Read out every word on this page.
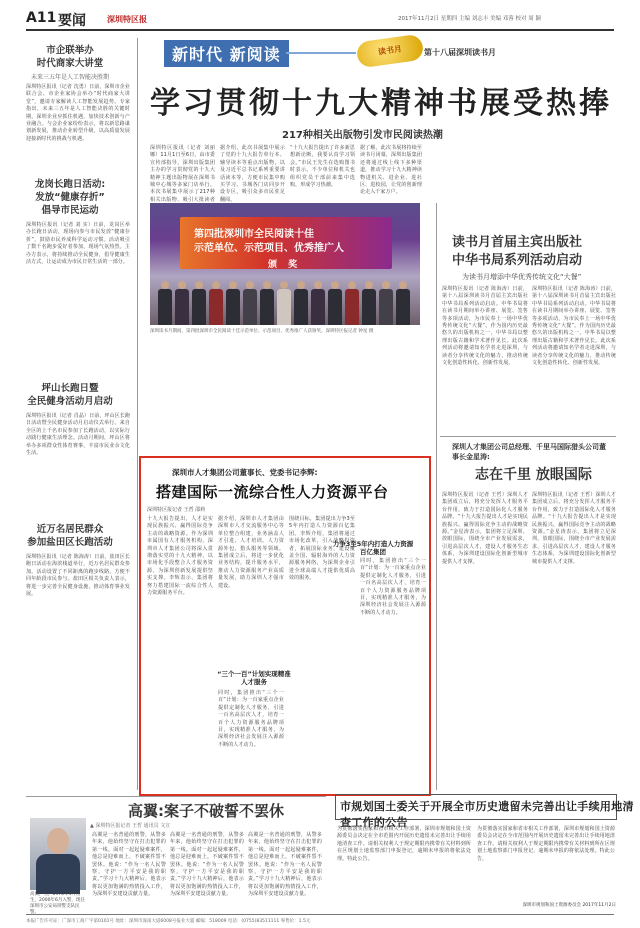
A11 要闻	深圳特区报	2017年11月2日 星期四 主编 刘志丰 美编 邓蓉 校对 周 颖
新时代 新阅读	读书月	第十八届深圳读书月
学习贯彻十九大精神书展受热捧
217种相关出版物引发市民阅读热潮
深圳特区报讯（记者 刘丽娜）11月1日至6日，由市委宣传部指导，深圳出版集团主办的学习贯彻党的十九大精神主题出版物展在深圳书城中心城等多家门店举行。本次书展集中展示了217种相关出版物，吸引大批读者
据介绍，此次书展集中展示了党的十九大报告单行本、辅导读本等重点出版物，以及习近平总书记系列重要讲话读本等，方便市民集中购买学习。书城各门店同步开设专区，吸引众多市民驻足翻阅。
“十九大报告提出了许多新思想新论断，我要认真学习领会。”市民王先生在选购图书时表示。不少单位和机关也组织党员干部前来集中选购，形成学习热潮。
据了解，此次书展将持续至读书月闭幕，深圳出版集团还将通过线上线下多种渠道，推动学习十九大精神读物进机关、进企业、进社区、进校园，让党的创新理论走入千家万户。
第四批深圳市全民阅读十佳
示范单位、示范项目、优秀推广人
颁 奖
深圳读书月期间，第四批深圳市全民阅读十佳示范单位、示范项目、优秀推广人获颁奖。深圳特区报记者 钟星 摄
市企联举办
时代商家大讲堂
未来三五年是人工智能决胜期
深圳特区报讯（记者 沈勇）日前，深圳市企业联合会、市企业家协会举办“时代商家大讲堂”，邀请专家解读人工智能发展趋势。专家指出，未来三五年是人工智能决胜的关键时期，深圳企业应抓住机遇，加快技术创新与产业融合。与会企业家纷纷表示，将以新思路谋划新发展，推动企业转型升级，以高质量发展迎接新时代的挑战与机遇。
龙岗长跑日活动:
发放“健康存折”
倡导市民运动
深圳特区报讯（记者 刘 实）日前，龙岗区举办长跑日活动，现场向参与市民发放“健康存折”，鼓励市民养成科学运动习惯。活动吸引了数千名跑步爱好者参加，现场气氛热烈。主办方表示，将持续推动全民健身，倡导健康生活方式，让运动成为市民日常生活的一部分。
坪山长跑日暨
全民健身活动月启动
深圳特区报讯（记者 肖晶）日前，坪山区长跑日活动暨全民健身活动月启动仪式举行。来自全区的上千名市民参加了长跑活动，以实际行动践行健康生活理念。活动月期间，坪山区将举办多项群众性体育赛事，丰富市民业余文化生活。
近万名居民群众
参加盐田区长跑活动
深圳特区报讯（记者 陈海涛）日前，盐田区长跑日活动在海滨栈道举行，近万名居民群众参加。活动设置了不同距离的跑步线路，方便不同年龄段市民参与。盐田区相关负责人表示，将进一步完善全民健身设施，推动体育事业发展。
读书月首届主宾出版社
中华书局系列活动启动
为读书月增添中华优秀传统文化“大餐”
深圳特区报讯（记者 陈海涛）日前，第十八届深圳读书月首届主宾出版社中华书局系列活动启动。中华书局将在读书月期间举办讲座、展览、签售等多项活动，为市民奉上一场中华优秀传统文化“大餐”。作为国内历史最悠久的出版机构之一，中华书局以整理出版古籍和学术著作见长。此次系列活动将邀请知名学者走进深圳，与读者分享传统文化的魅力，推动传统文化创造性转化、创新性发展。
深圳特区报讯（记者 陈海涛）日前，第十八届深圳读书月首届主宾出版社中华书局系列活动启动。中华书局将在读书月期间举办讲座、展览、签售等多项活动，为市民奉上一场中华优秀传统文化“大餐”。作为国内历史最悠久的出版机构之一，中华书局以整理出版古籍和学术著作见长。此次系列活动将邀请知名学者走进深圳，与读者分享传统文化的魅力，推动传统文化创造性转化、创新性发展。
深圳人才集团公司总经理、千里马国际猎头公司董事长金星涛:
志在千里 放眼国际
深圳特区报讯（记者 王哲）深圳人才集团成立后，将充分发挥人才服务平台作用，致力于打造国际化人才服务品牌。“十九大报告提出人才是实现民族振兴、赢得国际竞争主动的战略资源。”金星涛表示，集团将立足深圳、放眼国际，围绕全市产业发展需求，引进高层次人才，建设人才服务生态体系，为深圳建设国际化创新型城市提供人才支撑。
深圳特区报讯（记者 王哲）深圳人才集团成立后，将充分发挥人才服务平台作用，致力于打造国际化人才服务品牌。“十九大报告提出人才是实现民族振兴、赢得国际竞争主动的战略资源。”金星涛表示，集团将立足深圳、放眼国际，围绕全市产业发展需求，引进高层次人才，建设人才服务生态体系，为深圳建设国际化创新型城市提供人才支撑。
深圳市人才集团公司董事长、党委书记李辉:
搭建国际一流综合性人力资源平台
深圳特区报记者 王哲 邵莉
十九大报告提出，人才是实现民族振兴、赢得国际竞争主动的战略资源。作为深圳市属国有人才服务机构，深圳市人才集团公司将深入贯彻落实党的十九大精神，以市场化手段整合人才服务资源，为深圳创新发展提供坚实支撑。李辉表示，集团将努力搭建国际一流综合性人力资源服务平台。
据介绍，深圳市人才集团由深圳市人才交流服务中心等单位整合组建，业务涵盖人才引进、人才培训、人力资源外包、猎头服务等领域。集团成立后，将进一步优化业务结构，提升服务水平，推动人力资源服务产业高质量发展，助力深圳人才强市建设。
“三个一百”计划实现精准人才服务
同时，集团推出“三个一百”计划：为一百家重点企业提供定制化人才服务，引进一百名高层次人才，培育一百个人力资源服务品牌项目，实现精准人才服务，为深圳经济社会发展注入源源不断的人才动力。
围绕目标，集团提出力争3至5年内打造人力资源百亿集团。李辉介绍，集团将通过市场化改革，引入战略投资者，拓展国际业务，建设覆盖全国、辐射海外的人力资源服务网络，为深圳企业引进全球高端人才提供优质高效的服务。
力争3至5年内打造人力资源百亿集团
同时，集团推出“三个一百”计划：为一百家重点企业提供定制化人才服务，引进一百名高层次人才，培育一百个人力资源服务品牌项目，实现精准人才服务，为深圳经济社会发展注入源源不断的人才动力。
高翼:案子不破誓不罢休
▲ 深圳特区报记者 王哲 通讯员 文宣
高翼，男，1976年4月出生，2000年6月入警，现任深圳市公安局刑警支队民警。
高翼是一名普通的刑警，从警多年来，他始终坚守在打击犯罪的第一线。面对一起起疑难案件，他总是迎难而上，不破案件誓不罢休。他说：“作为一名人民警察，守护一方平安是我的职责。”学习十九大精神后，他表示将以更加饱满的热情投入工作，为深圳平安建设贡献力量。
高翼是一名普通的刑警，从警多年来，他始终坚守在打击犯罪的第一线。面对一起起疑难案件，他总是迎难而上，不破案件誓不罢休。他说：“作为一名人民警察，守护一方平安是我的职责。”学习十九大精神后，他表示将以更加饱满的热情投入工作，为深圳平安建设贡献力量。
高翼是一名普通的刑警，从警多年来，他始终坚守在打击犯罪的第一线。面对一起起疑难案件，他总是迎难而上，不破案件誓不罢休。他说：“作为一名人民警察，守护一方平安是我的职责。”学习十九大精神后，他表示将以更加饱满的热情投入工作，为深圳平安建设贡献力量。
市规划国土委关于开展全市历史遗留未完善出让手续用地清查工作的公告
为贯彻落实国家和省市相关工作部署，深圳市规划和国土资源委员会决定在全市范围内开展历史遗留未完善出让手续用地清查工作。请相关权利人于规定期限内携带有关材料到所在区规划土地监察部门申报登记，逾期未申报的将依法处理。特此公告。
为贯彻落实国家和省市相关工作部署，深圳市规划和国土资源委员会决定在全市范围内开展历史遗留未完善出让手续用地清查工作。请相关权利人于规定期限内携带有关材料到所在区规划土地监察部门申报登记，逾期未申报的将依法处理。特此公告。
深圳市规划和国土资源委员会 2017年11月2日
本报广告许可证：广深市工商广字第0101号 地址：深圳市深南大道6008号报业大厦 邮编：518009 电话：(0755)83511111 零售价：1.5元
